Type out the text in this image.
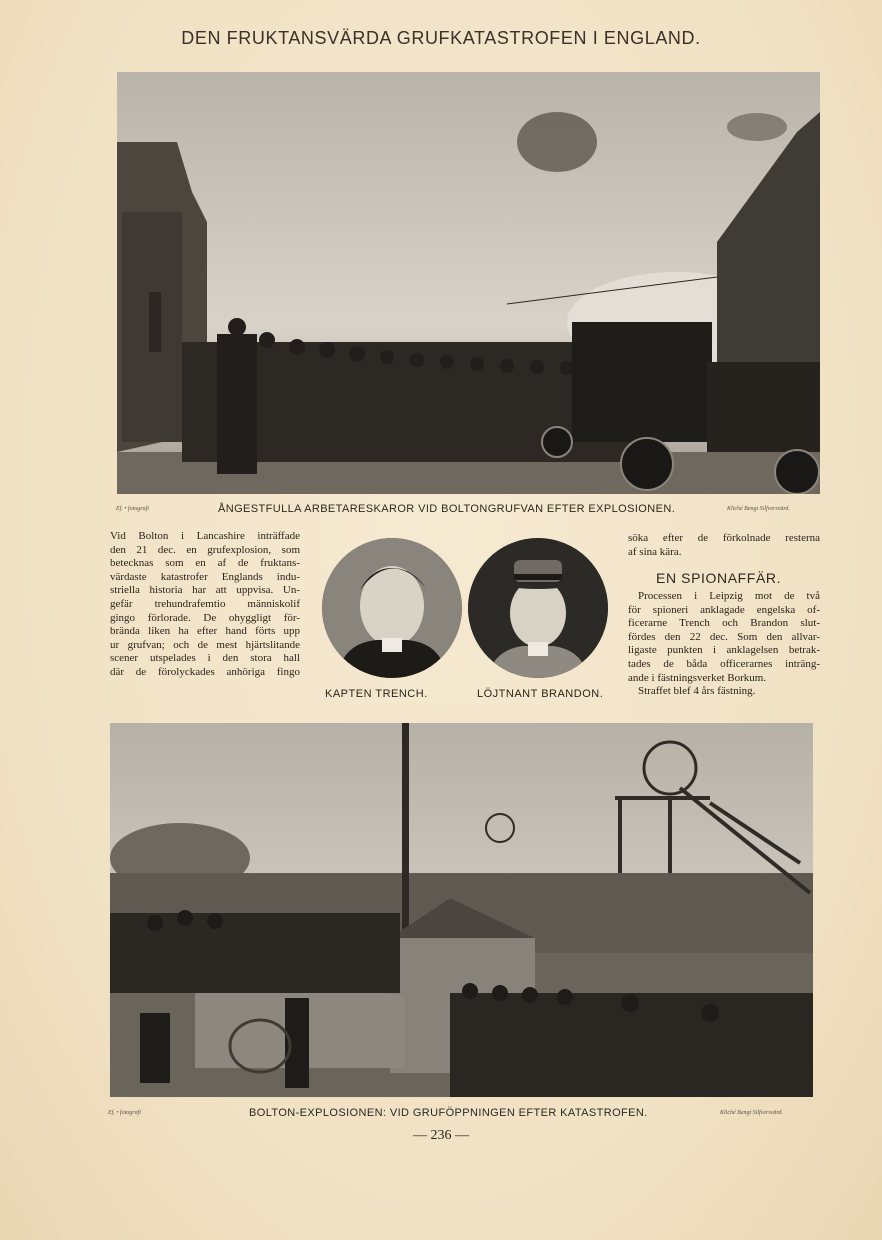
DEN FRUKTANSVÄRDA GRUFKATASTROFEN I ENGLAND.
Ef. • fotografi	ÅNGESTFULLA ARBETARESKAROR VID BOLTONGRUFVAN EFTER EXPLOSIONEN.	Kliché Bengt Silfversvärd.
Vid Bolton i Lancashire inträffade
den 21 dec. en grufexplosion, som
betecknas som en af de fruktans-
värdaste katastrofer Englands indu-
striella historia har att uppvisa. Un-
gefär trehundrafemtio människolif
gingo förlorade. De ohyggligt för-
brända liken ha efter hand förts upp
ur grufvan; och de mest hjärtslitande
scener utspelades i den stora hall
där de förolyckades anhöriga fingo
KAPTEN TRENCH.	LÖJTNANT BRANDON.
söka efter de förkolnade resterna
af sina kära.
EN SPIONAFFÄR.
Processen i Leipzig mot de två
för spioneri anklagade engelska of-
ficerarne Trench och Brandon slut-
fördes den 22 dec. Som den allvar-
ligaste punkten i anklagelsen betrak-
tades de båda officerarnes inträng-
ande i fästningsverket Borkum.
Straffet blef 4 års fästning.
Ef. • fotografi	BOLTON-EXPLOSIONEN: VID GRUFÖPPNINGEN EFTER KATASTROFEN.	Kliché Bengt Silfversvärd.
— 236 —
